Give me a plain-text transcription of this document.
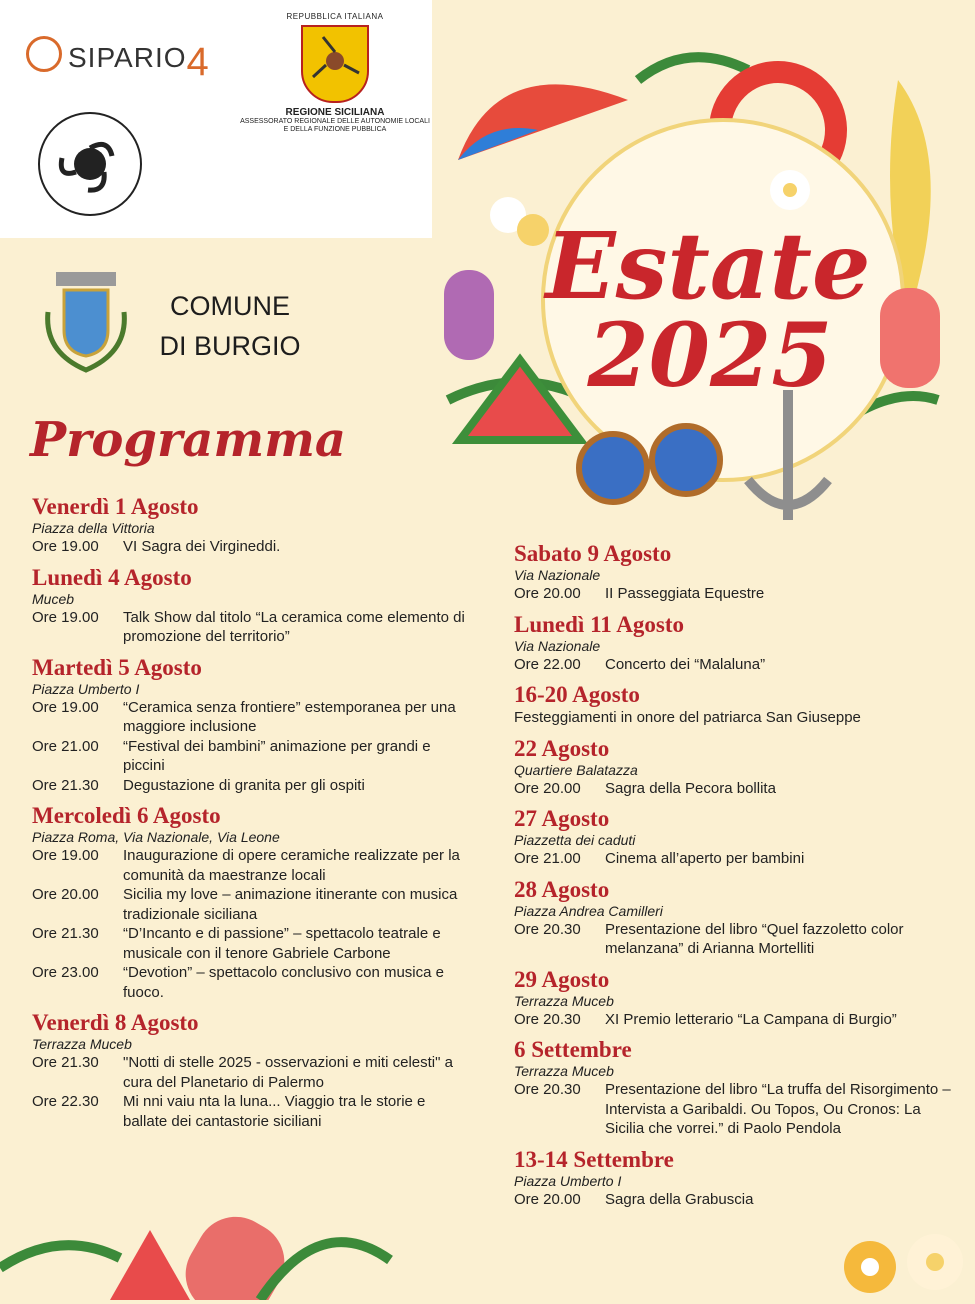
SIPARIO4
PRO LOCO SIKANIA DI BURGIO
REPUBBLICA ITALIANA
REGIONE SICILIANA
ASSESSORATO REGIONALE DELLE AUTONOMIE LOCALI E DELLA FUNZIONE PUBBLICA
COMUNE
DI BURGIO
Programma
Estate
2025
Venerdì 1 Agosto
Piazza della Vittoria
Ore 19.00	VI Sagra dei Virgineddi.
Lunedì 4 Agosto
Muceb
Ore 19.00	Talk Show dal titolo “La ceramica come elemento di promozione del territorio”
Martedì 5 Agosto
Piazza Umberto I
Ore 19.00	“Ceramica senza frontiere” estemporanea per una maggiore inclusione
Ore 21.00	“Festival dei bambini” animazione per grandi e piccini
Ore 21.30	Degustazione di granita per gli ospiti
Mercoledì 6 Agosto
Piazza Roma, Via Nazionale, Via Leone
Ore 19.00	Inaugurazione di opere ceramiche realizzate per la comunità da maestranze locali
Ore 20.00	Sicilia my love – animazione itinerante con musica tradizionale siciliana
Ore 21.30	“D’Incanto e di passione” – spettacolo teatrale e musicale con il tenore Gabriele Carbone
Ore 23.00	“Devotion” – spettacolo conclusivo con musica e fuoco.
Venerdì 8 Agosto
Terrazza Muceb
Ore 21.30	"Notti di stelle 2025 - osservazioni e miti celesti" a cura del Planetario di Palermo
Ore 22.30	Mi nni vaiu nta la luna... Viaggio tra le storie e ballate dei cantastorie siciliani
Sabato 9 Agosto
Via Nazionale
Ore 20.00	II Passeggiata Equestre
Lunedì 11 Agosto
Via Nazionale
Ore 22.00	Concerto dei “Malaluna”
16-20 Agosto
Festeggiamenti in onore del patriarca San Giuseppe
22 Agosto
Quartiere Balatazza
Ore 20.00	Sagra della Pecora bollita
27 Agosto
Piazzetta dei caduti
Ore 21.00	Cinema all’aperto per bambini
28 Agosto
Piazza Andrea Camilleri
Ore 20.30	Presentazione del libro “Quel fazzoletto color melanzana” di Arianna Mortelliti
29 Agosto
Terrazza Muceb
Ore 20.30	XI Premio letterario “La Campana di Burgio”
6 Settembre
Terrazza Muceb
Ore 20.30	Presentazione del libro “La truffa del Risorgimento – Intervista a Garibaldi. Ou Topos, Ou Cronos: La Sicilia che vorrei.” di Paolo Pendola
13-14 Settembre
Piazza Umberto I
Ore 20.00	Sagra della Grabuscia
